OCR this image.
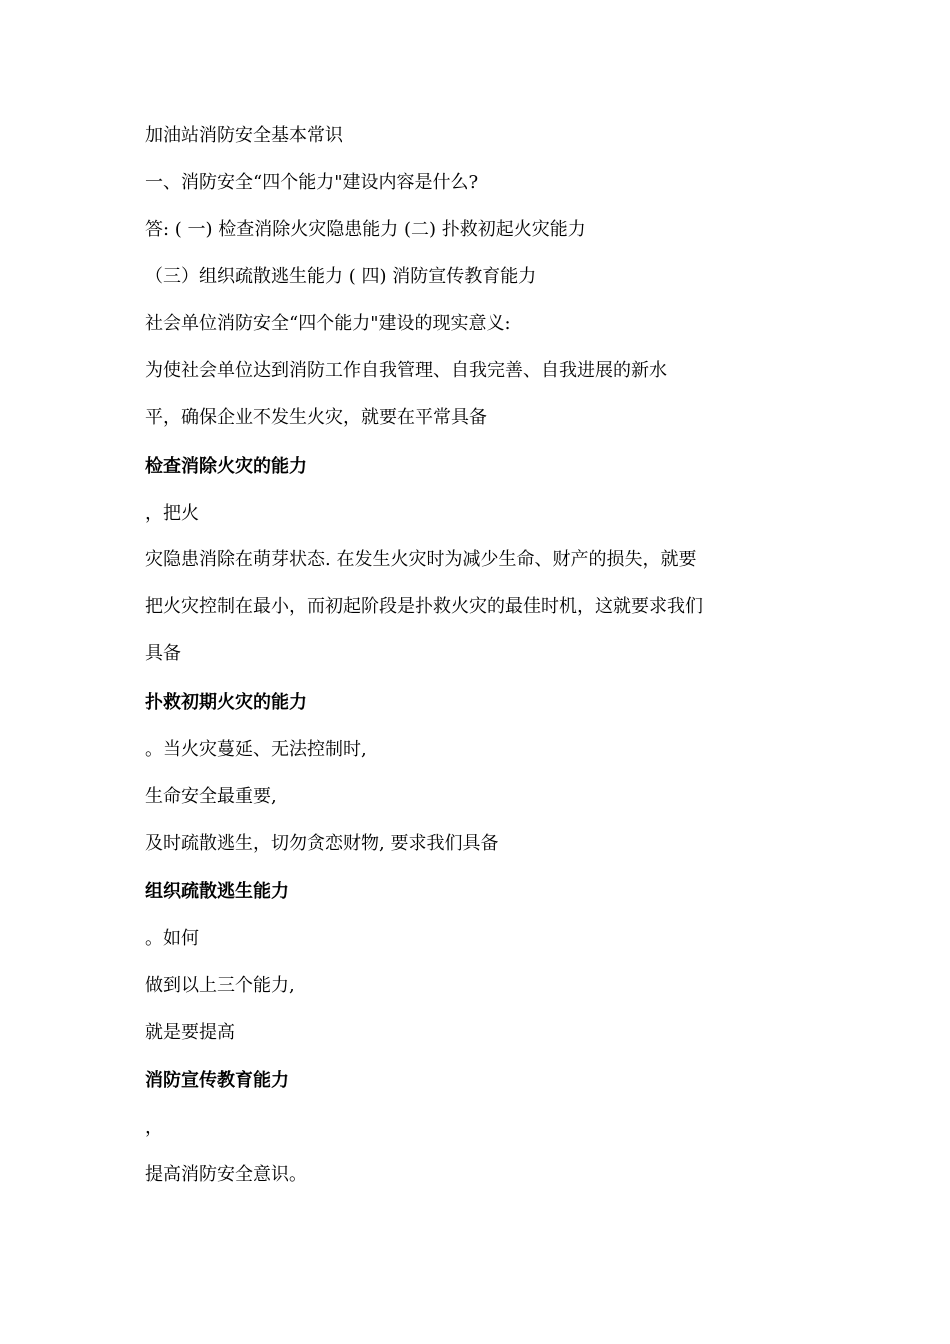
加油站消防安全基本常识
一、消防安全“四个能力"建设内容是什么?
答: ( 一) 检查消除火灾隐患能力 (二) 扑救初起火灾能力
（三）组织疏散逃生能力 ( 四) 消防宣传教育能力
社会单位消防安全“四个能力"建设的现实意义:
为使社会单位达到消防工作自我管理、自我完善、自我进展的新水
平，确保企业不发生火灾，就要在平常具备
检查消除火灾的能力
，把火
灾隐患消除在萌芽状态. 在发生火灾时为减少生命、财产的损失，就要
把火灾控制在最小，而初起阶段是扑救火灾的最佳时机，这就要求我们
具备
扑救初期火灾的能力
。当火灾蔓延、无法控制时,
生命安全最重要,
及时疏散逃生，切勿贪恋财物, 要求我们具备
组织疏散逃生能力
。如何
做到以上三个能力,
就是要提高
消防宣传教育能力
，
提高消防安全意识。
